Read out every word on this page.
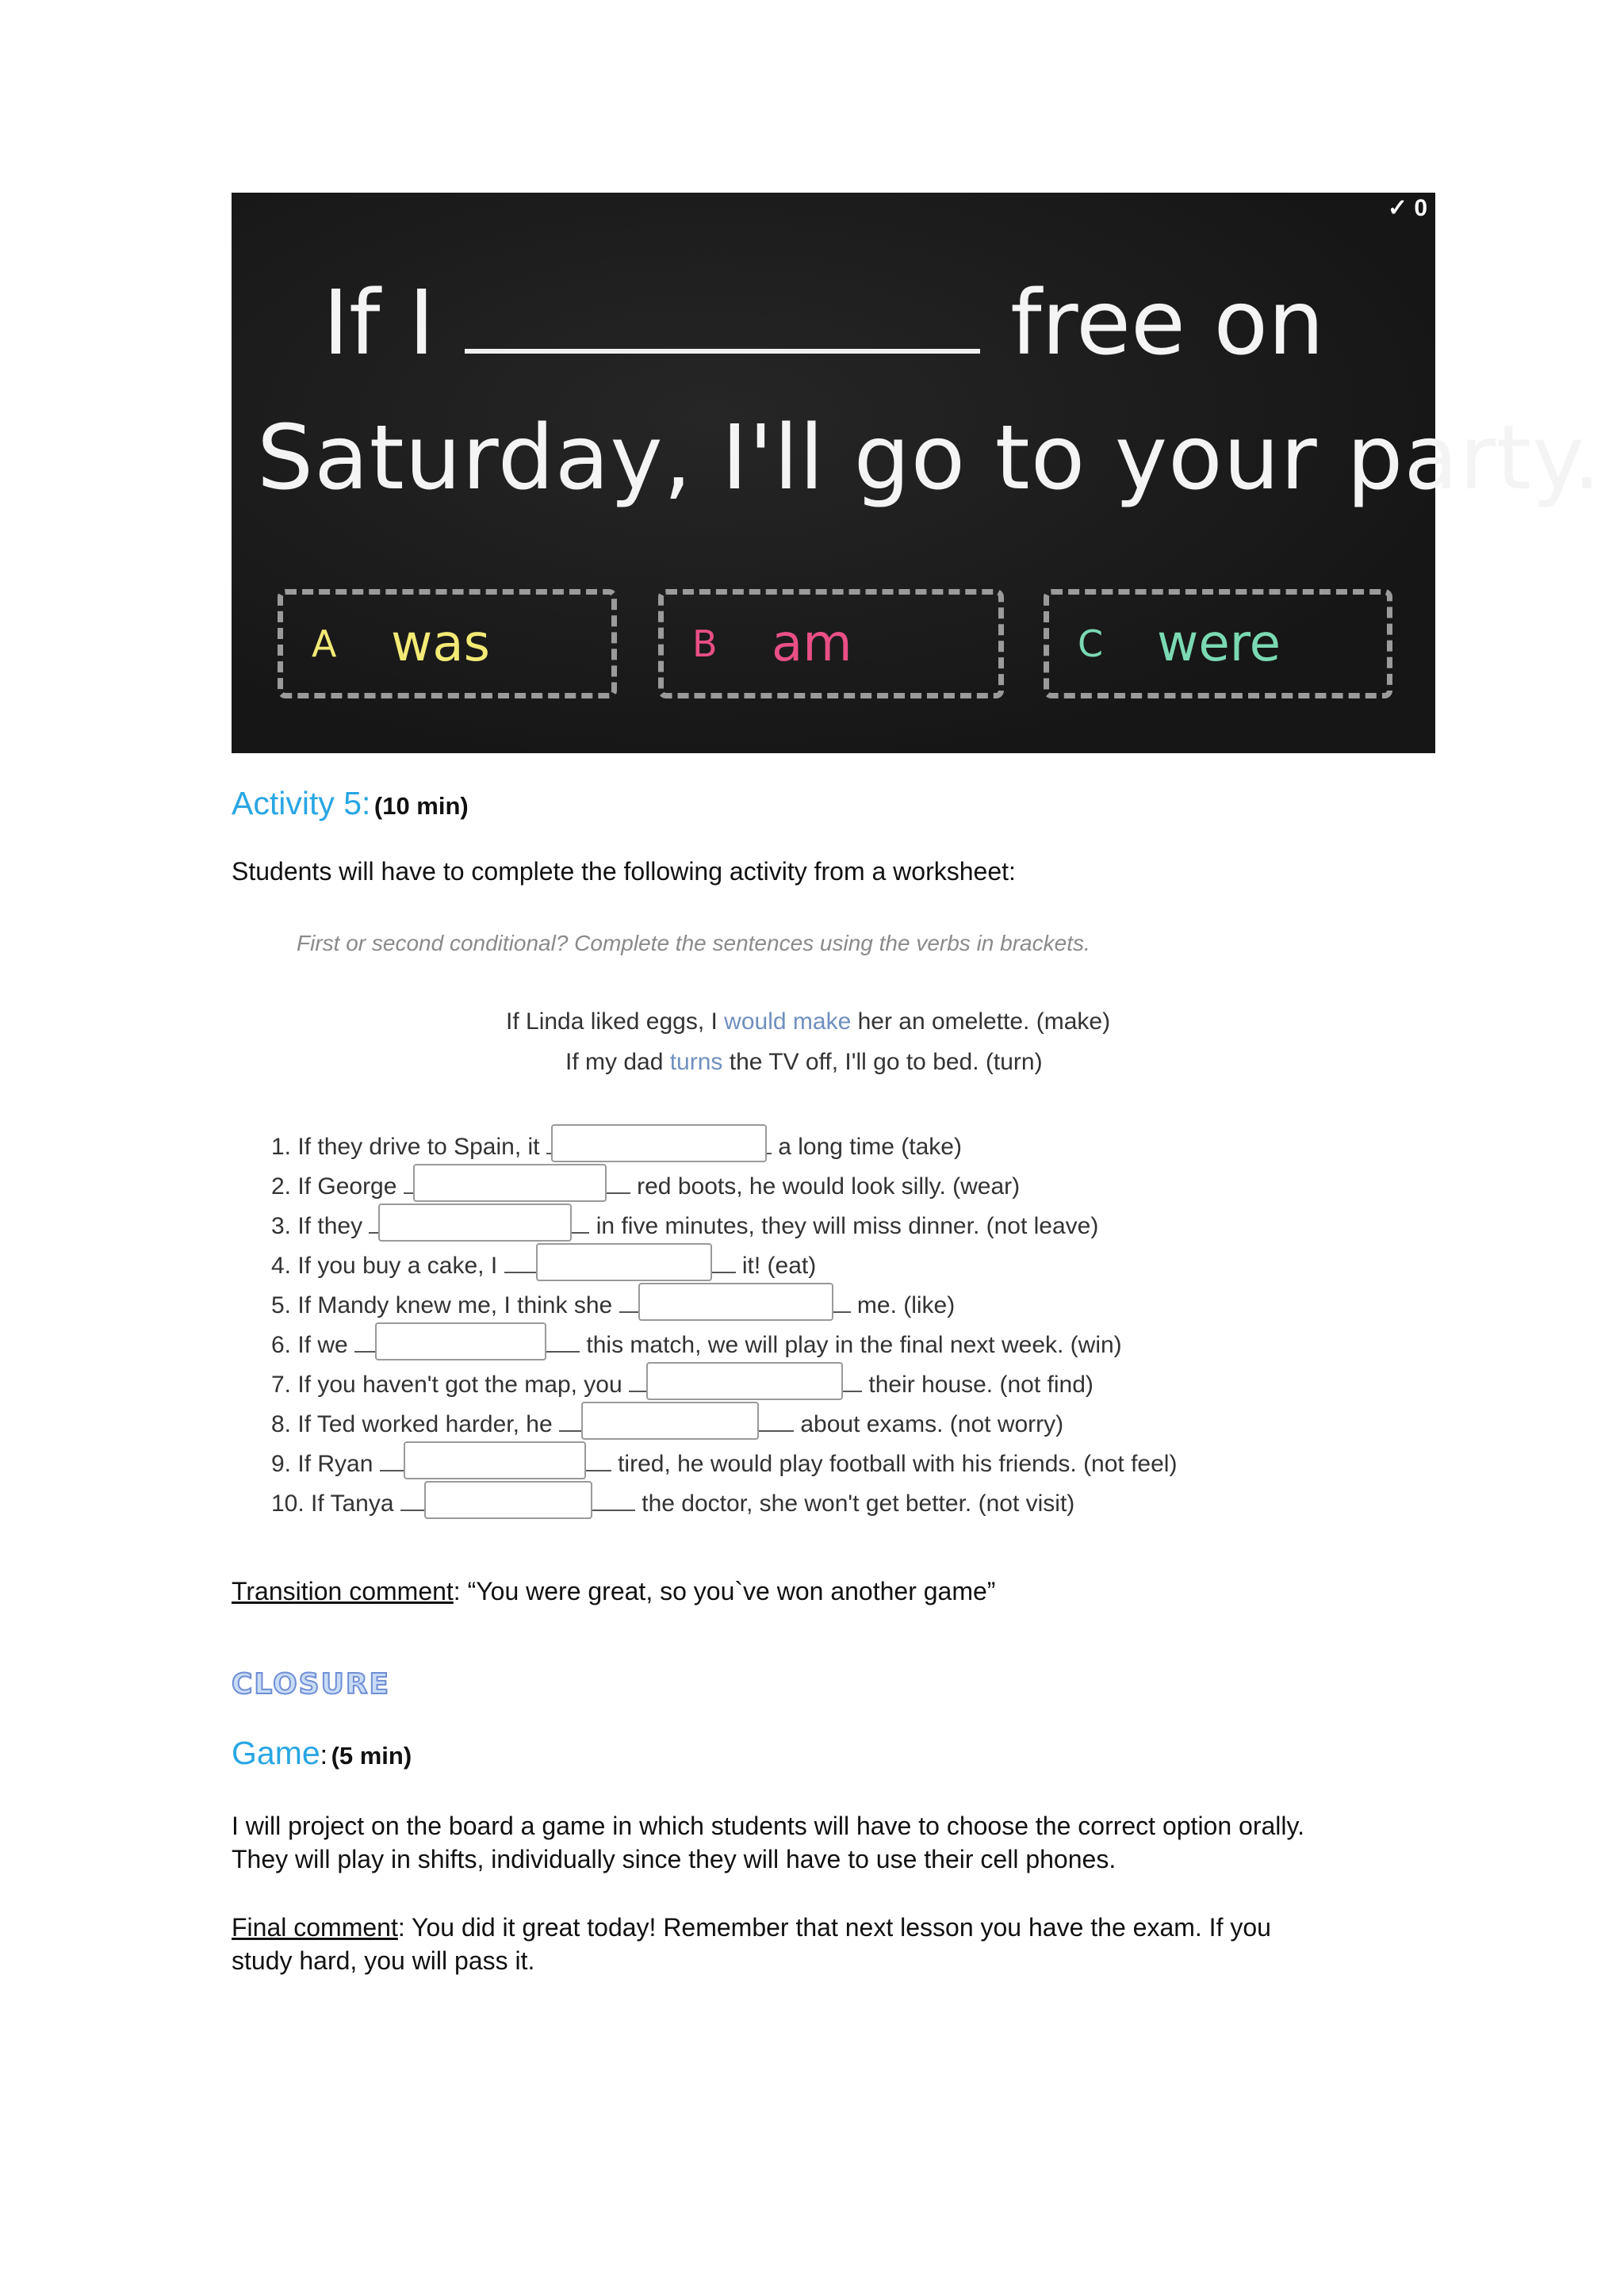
✓ 0
If I	free on
Saturday, I'll go to your party.
A	was	B	am	C	were
Activity 5: (10 min)
Students will have to complete the following activity from a worksheet:
First or second conditional? Complete the sentences using the verbs in brackets.
If Linda liked eggs, I would make her an omelette. (make)
If my dad turns the TV off, I'll go to bed. (turn)
1. If they drive to Spain, it	a long time (take)
2. If George	red boots, he would look silly. (wear)
3. If they	in five minutes, they will miss dinner. (not leave)
4. If you buy a cake, I	it! (eat)
5. If Mandy knew me, I think she	me. (like)
6. If we	this match, we will play in the final next week. (win)
7. If you haven't got the map, you	their house. (not find)
8. If Ted worked harder, he	about exams. (not worry)
9. If Ryan	tired, he would play football with his friends. (not feel)
10. If Tanya	the doctor, she won't get better. (not visit)
Transition comment: “You were great, so you`ve won another game”
CLOSURE
Game: (5 min)
I will project on the board a game in which students will have to choose the correct option orally.
They will play in shifts, individually since they will have to use their cell phones.
Final comment: You did it great today! Remember that next lesson you have the exam. If you
study hard, you will pass it.
